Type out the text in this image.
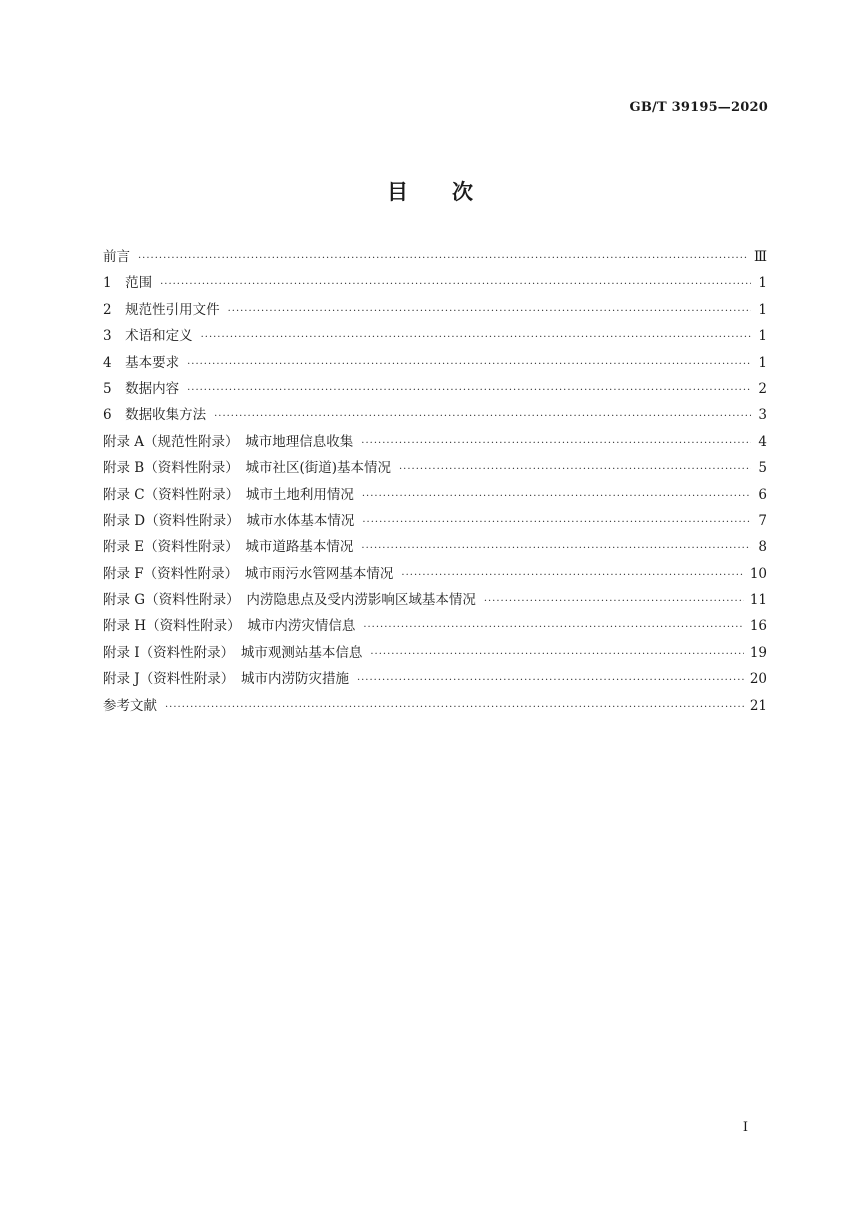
GB/T 39195—2020
目次
前言 ·····	Ⅲ
1　范围 ·····	1
2　规范性引用文件 ·····	1
3　术语和定义 ·····	1
4　基本要求 ·····	1
5　数据内容 ·····	2
6　数据收集方法 ·····	3
附录 A（规范性附录）　城市地理信息收集 ·····	4
附录 B（资料性附录）　城市社区(街道)基本情况 ·····	5
附录 C（资料性附录）　城市土地利用情况 ·····	6
附录 D（资料性附录）　城市水体基本情况 ·····	7
附录 E（资料性附录）　城市道路基本情况 ·····	8
附录 F（资料性附录）　城市雨污水管网基本情况 ·····	10
附录 G（资料性附录）　内涝隐患点及受内涝影响区域基本情况 ·····	11
附录 H（资料性附录）　城市内涝灾情信息 ·····	16
附录 I（资料性附录）　城市观测站基本信息 ·····	19
附录 J（资料性附录）　城市内涝防灾措施 ·····	20
参考文献 ·····	21
Ⅰ
